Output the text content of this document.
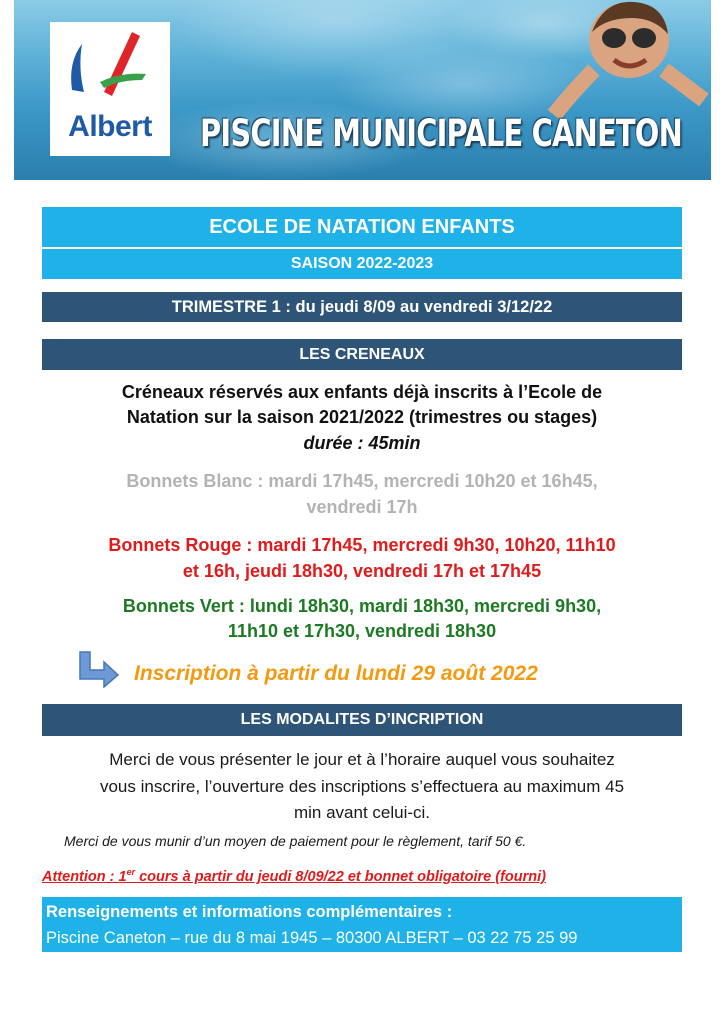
Albert	PISCINE MUNICIPALE CANETON
ECOLE DE NATATION ENFANTS
SAISON 2022-2023
TRIMESTRE 1 : du jeudi 8/09 au vendredi 3/12/22
LES CRENEAUX
Créneaux réservés aux enfants déjà inscrits à l’Ecole de
Natation sur la saison 2021/2022 (trimestres ou stages)
durée : 45min
Bonnets Blanc : mardi 17h45, mercredi 10h20 et 16h45,
vendredi 17h
Bonnets Rouge : mardi 17h45, mercredi 9h30, 10h20, 11h10
et 16h, jeudi 18h30, vendredi 17h et 17h45
Bonnets Vert : lundi 18h30, mardi 18h30, mercredi 9h30,
11h10 et 17h30, vendredi 18h30
Inscription à partir du lundi 29 août 2022
LES MODALITES D’INCRIPTION
Merci de vous présenter le jour et à l’horaire auquel vous souhaitez
vous inscrire, l’ouverture des inscriptions s’effectuera au maximum 45
min avant celui-ci.
Merci de vous munir d’un moyen de paiement pour le règlement, tarif 50 €.
Attention : 1er cours à partir du jeudi 8/09/22 et bonnet obligatoire (fourni)
Renseignements et informations complémentaires :
Piscine Caneton – rue du 8 mai 1945 – 80300 ALBERT – 03 22 75 25 99
